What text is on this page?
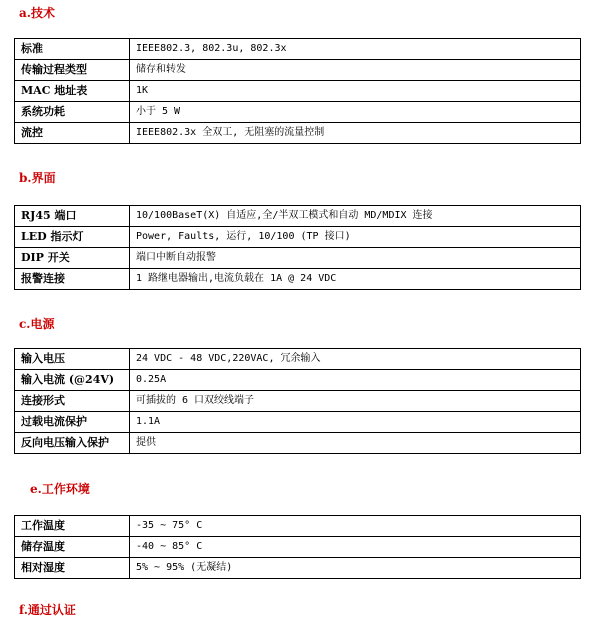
a.技术
标准	IEEE802.3, 802.3u, 802.3x
传输过程类型	储存和转发
MAC 地址表	1K
系统功耗	小于 5 W
流控	IEEE802.3x 全双工, 无阻塞的流量控制
b.界面
RJ45 端口	10/100BaseT(X) 自适应,全/半双工模式和自动 MD/MDIX 连接
LED 指示灯	Power, Faults, 运行, 10/100 (TP 接口)
DIP 开关	端口中断自动报警
报警连接	1 路继电器输出,电流负载在 1A @ 24 VDC
c.电源
输入电压	24 VDC - 48 VDC,220VAC, 冗余输入
输入电流 (@24V)	0.25A
连接形式	可插拔的 6 口双绞线端子
过载电流保护	1.1A
反向电压输入保护	提供
e.工作环境
工作温度	-35 ~ 75° C
储存温度	-40 ~ 85° C
相对湿度	5% ~ 95% (无凝结)
f.通过认证
